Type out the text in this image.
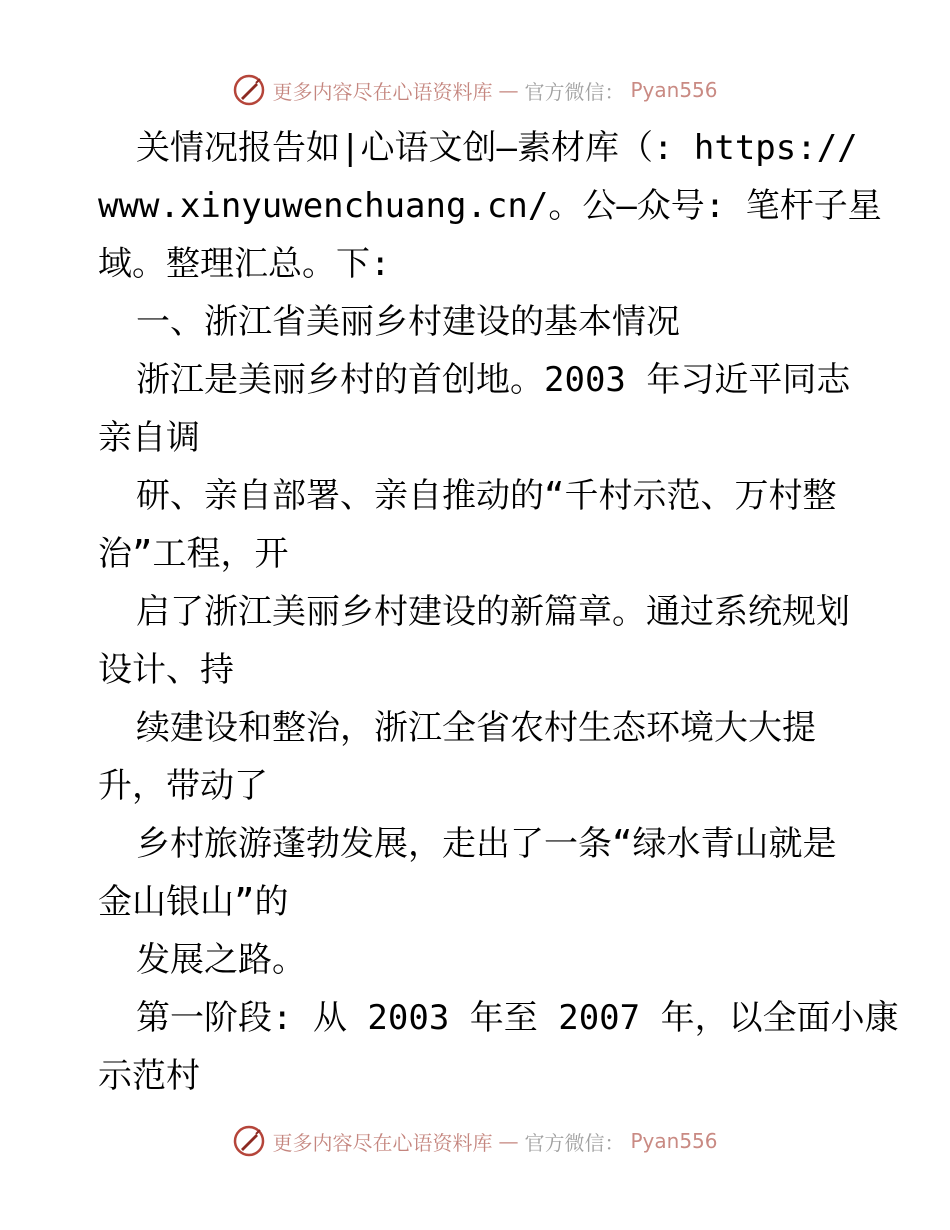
更多内容尽在心语资料库 — 官方微信： Pyan556
关情况报告如|心语文创—素材库（: https://
www.xinyuwenchuang.cn/。公—众号: 笔杆子星
域。整理汇总。下:
一、浙江省美丽乡村建设的基本情况
浙江是美丽乡村的首创地。2003 年习近平同志
亲自调
研、亲自部署、亲自推动的“千村示范、万村整
治”工程，开
启了浙江美丽乡村建设的新篇章。通过系统规划
设计、持
续建设和整治，浙江全省农村生态环境大大提
升，带动了
乡村旅游蓬勃发展，走出了一条“绿水青山就是
金山银山”的
发展之路。
第一阶段: 从 2003 年至 2007 年，以全面小康
示范村
更多内容尽在心语资料库 — 官方微信： Pyan556
